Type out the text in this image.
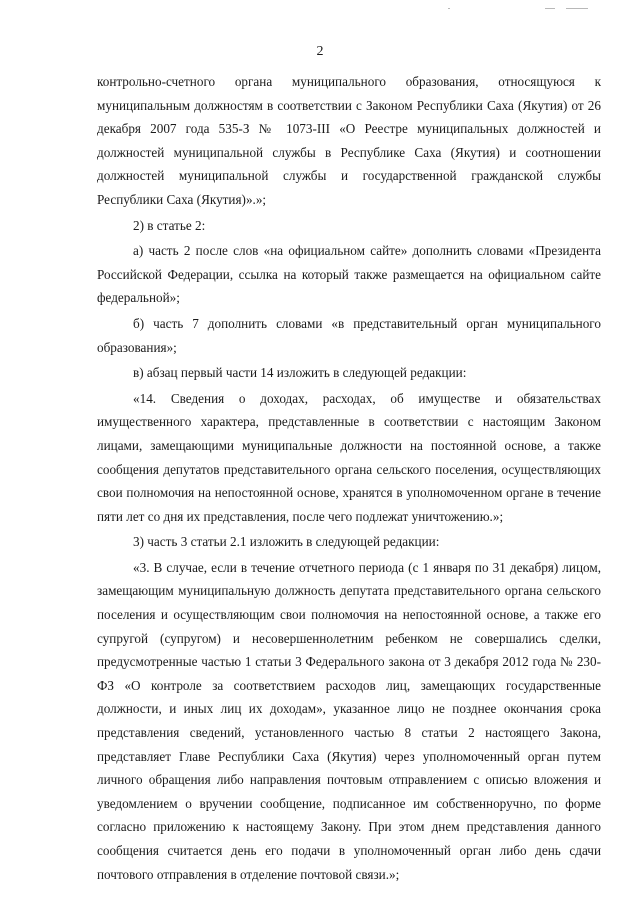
2

контрольно-счетного органа муниципального образования, относящуюся к муниципальным должностям в соответствии с Законом Республики Саха (Якутия) от 26 декабря 2007 года 535-З № 1073-III «О Реестре муниципальных должностей и должностей муниципальной службы в Республике Саха (Якутия) и соотношении должностей муниципальной службы и государственной гражданской службы Республики Саха (Якутия)».»;

2) в статье 2:

а) часть 2 после слов «на официальном сайте» дополнить словами «Президента Российской Федерации, ссылка на который также размещается на официальном сайте федеральной»;

б) часть 7 дополнить словами «в представительный орган муниципального образования»;

в) абзац первый части 14 изложить в следующей редакции:

«14. Сведения о доходах, расходах, об имуществе и обязательствах имущественного характера, представленные в соответствии с настоящим Законом лицами, замещающими муниципальные должности на постоянной основе, а также сообщения депутатов представительного органа сельского поселения, осуществляющих свои полномочия на непостоянной основе, хранятся в уполномоченном органе в течение пяти лет со дня их представления, после чего подлежат уничтожению.»;

3) часть 3 статьи 2.1 изложить в следующей редакции:

«3. В случае, если в течение отчетного периода (с 1 января по 31 декабря) лицом, замещающим муниципальную должность депутата представительного органа сельского поселения и осуществляющим свои полномочия на непостоянной основе, а также его супругой (супругом) и несовершеннолетним ребенком не совершались сделки, предусмотренные частью 1 статьи 3 Федерального закона от 3 декабря 2012 года № 230-ФЗ «О контроле за соответствием расходов лиц, замещающих государственные должности, и иных лиц их доходам», указанное лицо не позднее окончания срока представления сведений, установленного частью 8 статьи 2 настоящего Закона, представляет Главе Республики Саха (Якутия) через уполномоченный орган путем личного обращения либо направления почтовым отправлением с описью вложения и уведомлением о вручении сообщение, подписанное им собственноручно, по форме согласно приложению к настоящему Закону. При этом днем представления данного сообщения считается день его подачи в уполномоченный орган либо день сдачи почтового отправления в отделение почтовой связи.»;
